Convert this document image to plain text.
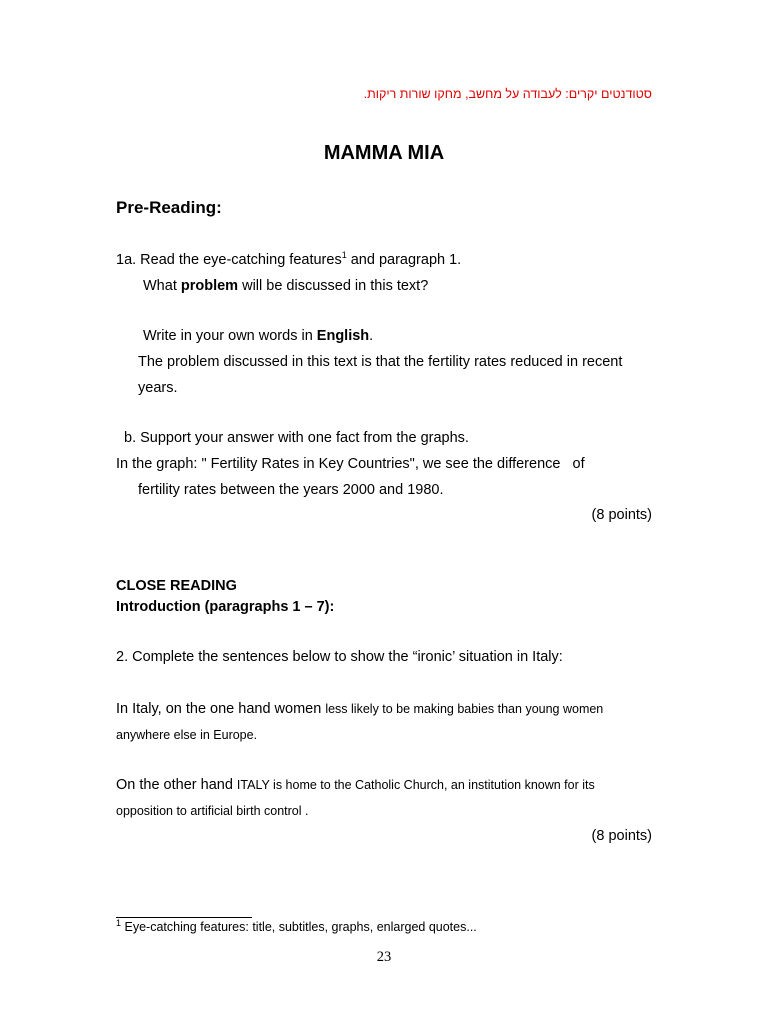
סטודנטים יקרים: לעבודה על מחשב, מחקו שורות ריקות.
MAMMA MIA
Pre-Reading:
1a. Read the eye-catching features$^1$ and paragraph 1.
What problem will be discussed in this text?
Write in your own words in English.
The problem discussed in this text is that the fertility rates reduced in recent
years.
b. Support your answer with one fact from the graphs.
In the graph: " Fertility Rates in Key Countries", we see the difference   of
fertility rates between the years 2000 and 1980.
(8 points)
CLOSE READING
Introduction (paragraphs 1 – 7):
2. Complete the sentences below to show the “ironic’ situation in Italy:
In Italy, on the one hand women less likely to be making babies than young women
anywhere else in Europe.
On the other hand ITALY is home to the Catholic Church, an institution known for its
opposition to artificial birth control .
(8 points)
$^1$ Eye-catching features: title, subtitles, graphs, enlarged quotes...
23
